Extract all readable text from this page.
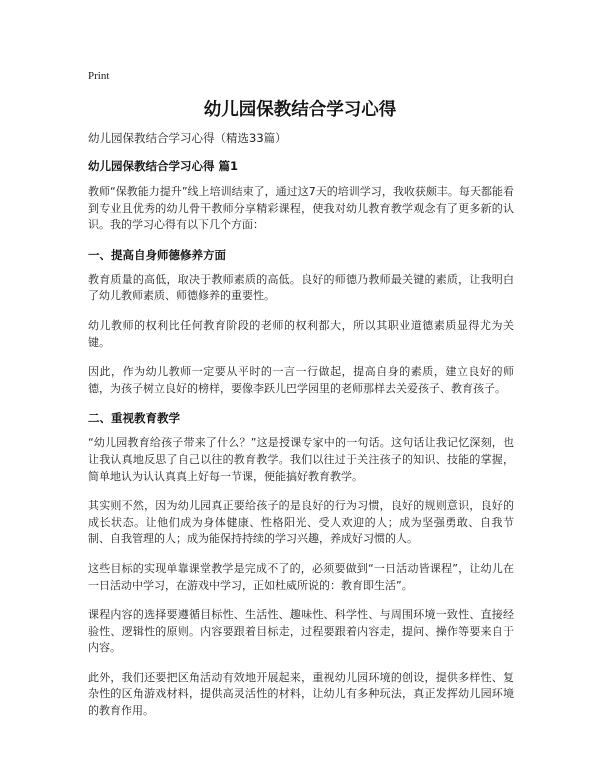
Print
幼儿园保教结合学习心得

幼儿园保教结合学习心得（精选33篇）

幼儿园保教结合学习心得 篇1

教师“保教能力提升”线上培训结束了，通过这7天的培训学习，我收获颇丰。每天都能看到专业且优秀的幼儿骨干教师分享精彩课程，使我对幼儿教育教学观念有了更多新的认识。我的学习心得有以下几个方面：

一、提高自身师德修养方面

教育质量的高低，取决于教师素质的高低。良好的师德乃教师最关键的素质，让我明白了幼儿教师素质、师德修养的重要性。

幼儿教师的权利比任何教育阶段的老师的权利都大，所以其职业道德素质显得尤为关键。

因此，作为幼儿教师一定要从平时的一言一行做起，提高自身的素质，建立良好的师德，为孩子树立良好的榜样，要像李跃儿巴学园里的老师那样去关爱孩子、教育孩子。

二、重视教育教学

“幼儿园教育给孩子带来了什么？”这是授课专家中的一句话。这句话让我记忆深刻，也让我认真地反思了自己以往的教育教学。我们以往过于关注孩子的知识、技能的掌握，简单地认为认认真真上好每一节课，便能搞好教育教学。

其实则不然，因为幼儿园真正要给孩子的是良好的行为习惯，良好的规则意识，良好的成长状态。让他们成为身体健康、性格阳光、受人欢迎的人；成为坚强勇敢、自我节制、自我管理的人；成为能保持持续的学习兴趣，养成好习惯的人。

这些目标的实现单靠课堂教学是完成不了的，必须要做到“一日活动皆课程”，让幼儿在一日活动中学习，在游戏中学习，正如杜威所说的：教育即生活”。

课程内容的选择要遵循目标性、生活性、趣味性、科学性、与周围环境一致性、直接经验性、逻辑性的原则。内容要跟着目标走，过程要跟着内容走，提问、操作等要来自于内容。

此外，我们还要把区角活动有效地开展起来，重视幼儿园环境的创设，提供多样性、复杂性的区角游戏材料，提供高灵活性的材料，让幼儿有多种玩法，真正发挥幼儿园环境的教育作用。
